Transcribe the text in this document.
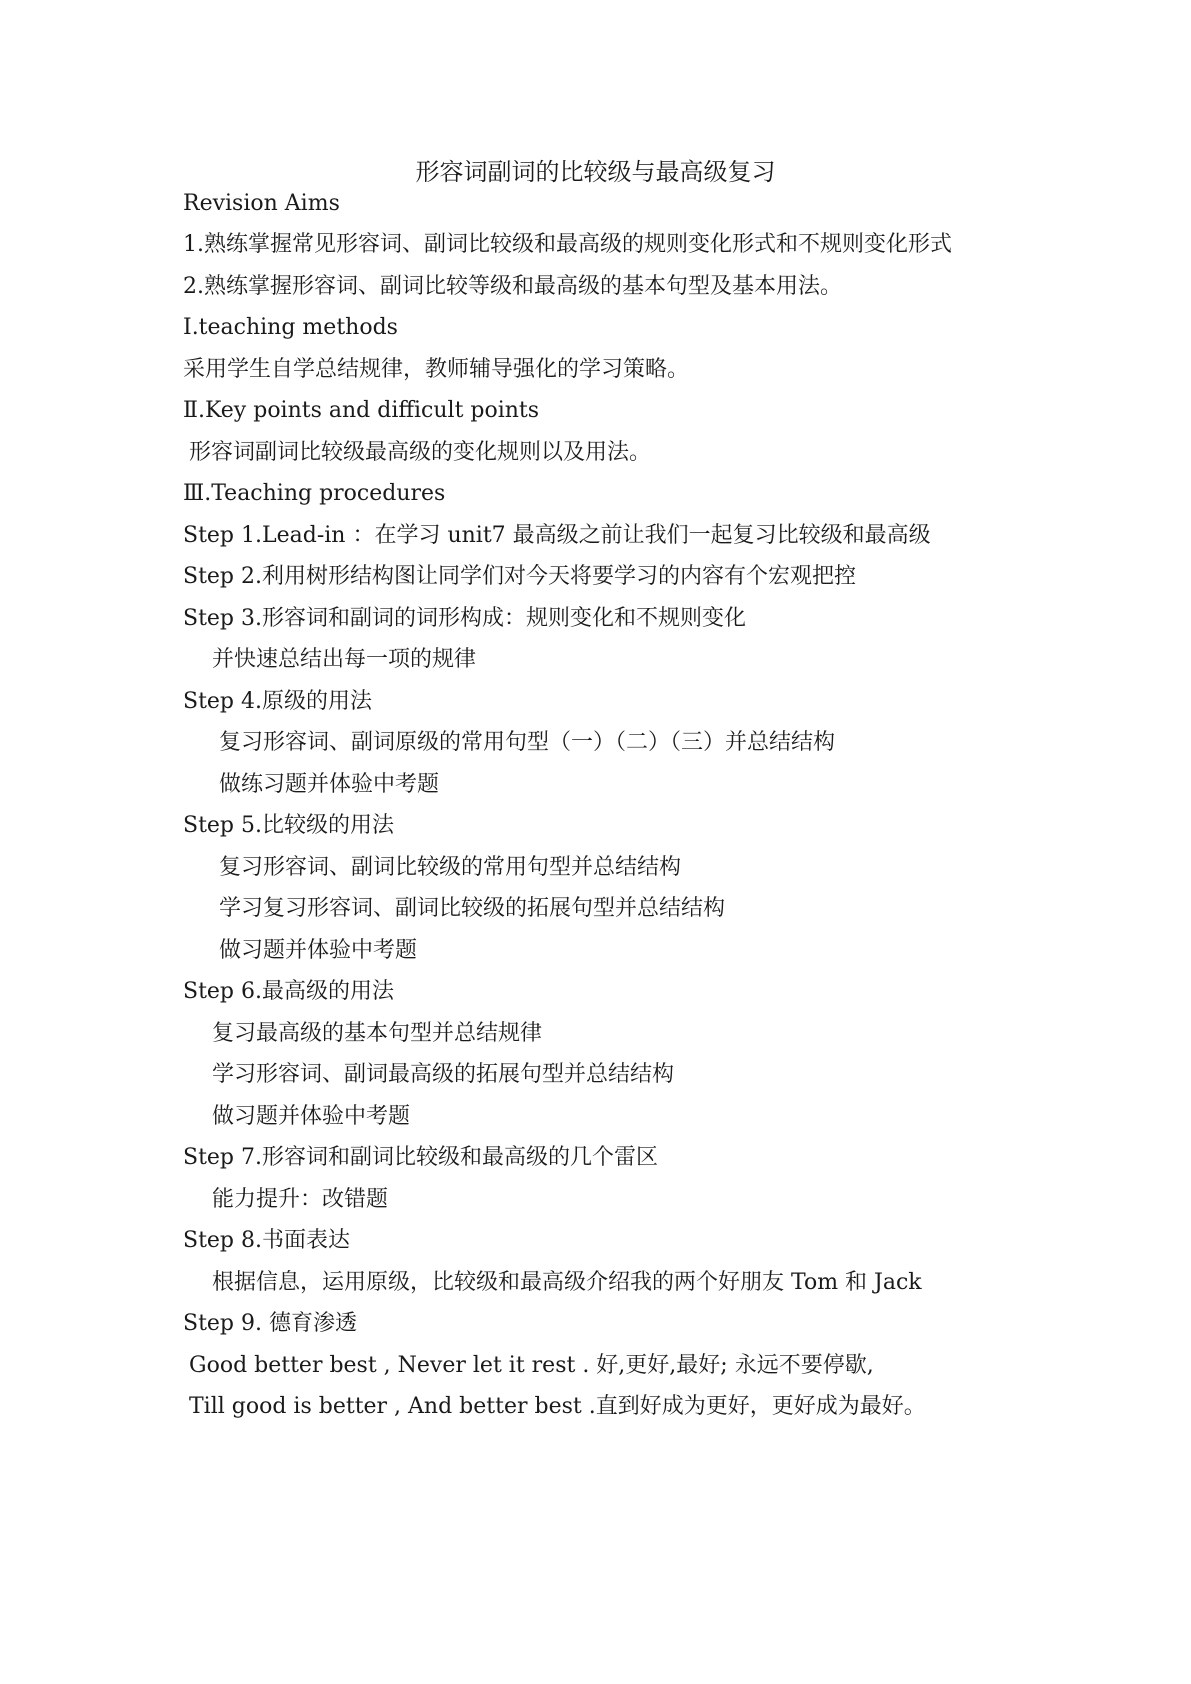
形容词副词的比较级与最高级复习
Revision Aims
1.熟练掌握常见形容词、副词比较级和最高级的规则变化形式和不规则变化形式
2.熟练掌握形容词、副词比较等级和最高级的基本句型及基本用法。
Ⅰ.teaching methods
采用学生自学总结规律，教师辅导强化的学习策略。
Ⅱ.Key points and difficult points
形容词副词比较级最高级的变化规则以及用法。
Ⅲ.Teaching procedures
Step 1.Lead-in ：在学习 unit7 最高级之前让我们一起复习比较级和最高级
Step 2.利用树形结构图让同学们对今天将要学习的内容有个宏观把控
Step 3.形容词和副词的词形构成：规则变化和不规则变化
并快速总结出每一项的规律
Step 4.原级的用法
复习形容词、副词原级的常用句型（一）（二）（三）并总结结构
做练习题并体验中考题
Step 5.比较级的用法
复习形容词、副词比较级的常用句型并总结结构
学习复习形容词、副词比较级的拓展句型并总结结构
做习题并体验中考题
Step 6.最高级的用法
复习最高级的基本句型并总结规律
学习形容词、副词最高级的拓展句型并总结结构
做习题并体验中考题
Step 7.形容词和副词比较级和最高级的几个雷区
能力提升：改错题
Step 8.书面表达
根据信息，运用原级，比较级和最高级介绍我的两个好朋友 Tom 和 Jack
Step 9. 德育渗透
Good better best , Never let it rest . 好,更好,最好; 永远不要停歇,
Till good is better , And better best .直到好成为更好，更好成为最好。
